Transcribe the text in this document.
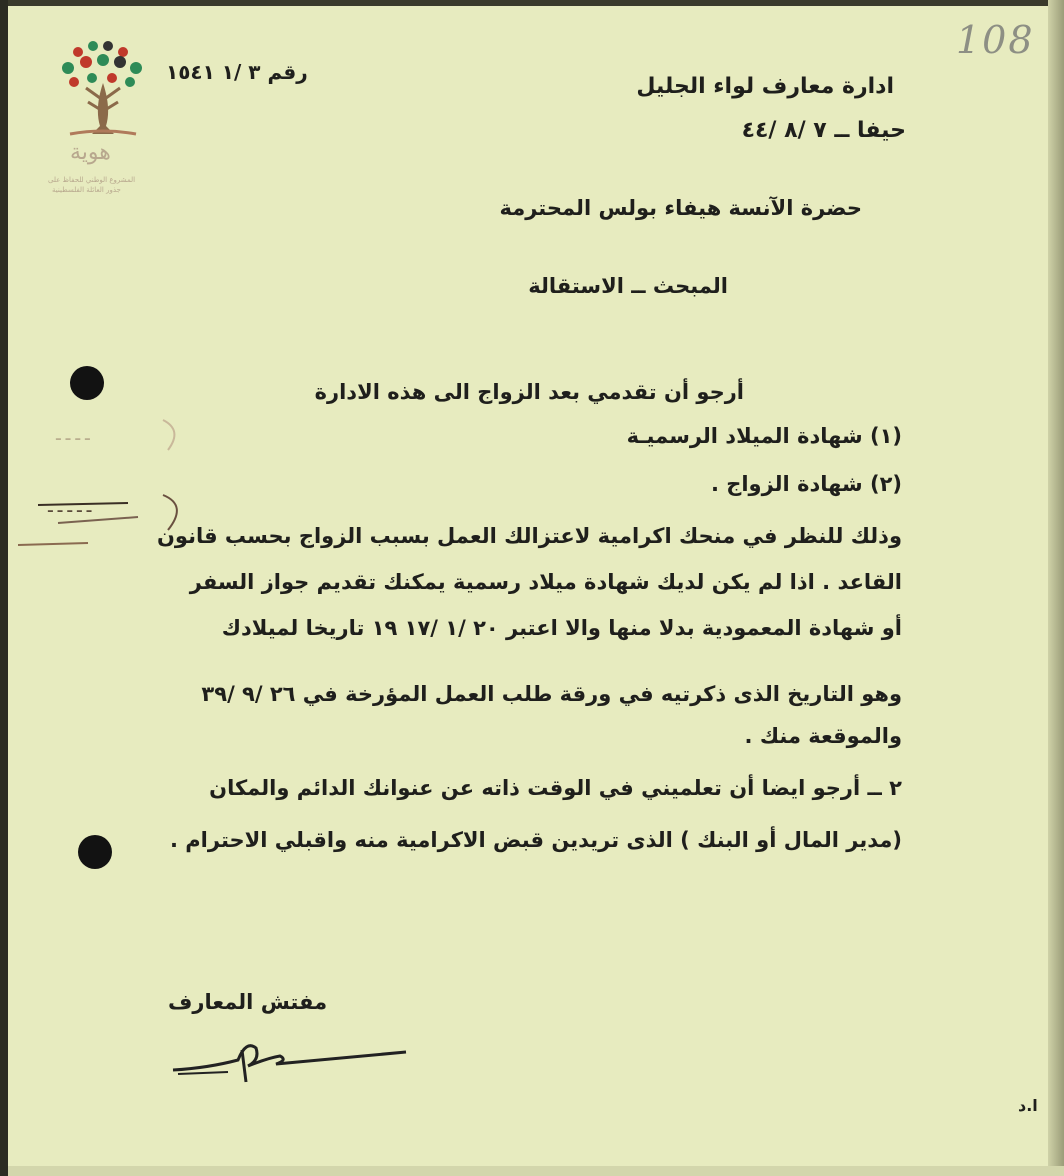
هوية
المشروع الوطني للحفاظ على
جذور العائلة الفلسطينية
108
رقم ٣ /١ ١٥٤١
ادارة معارف لواء الجليل
حيفا ــ ٧ /٨ /٤٤
حضرة الآنسة هيفاء بولس المحترمة
المبحث ــ الاستقالة
أرجو أن تقدمي بعد الزواج الى هذه الادارة
(١) شهادة الميلاد الرسميـة
(٢) شهادة الزواج .
وذلك للنظر في منحك اكرامية لاعتزالك العمل بسبب الزواج بحسب قانون
القاعد . اذا لم يكن لديك شهادة ميلاد رسمية يمكنك تقديم جواز السفر
أو شهادة المعمودية بدلا منها والا اعتبر ٢٠ /١ /١٧ ١٩ تاريخا لميلادك
وهو التاريخ الذى ذكرتيه في ورقة طلب العمل المؤرخة في ٢٦ /٩ /٣٩
والموقعة منك .
٢ ــ أرجو ايضا أن تعلميني في الوقت ذاته عن عنوانك الدائم والمكان
(مدير المال أو البنك ) الذى تريدين قبض الاكرامية منه واقبلي الاحترام .
مفتش المعارف
ا.د
ـ ـ ـ ـ
ـ ـ ـ ـ ـ
